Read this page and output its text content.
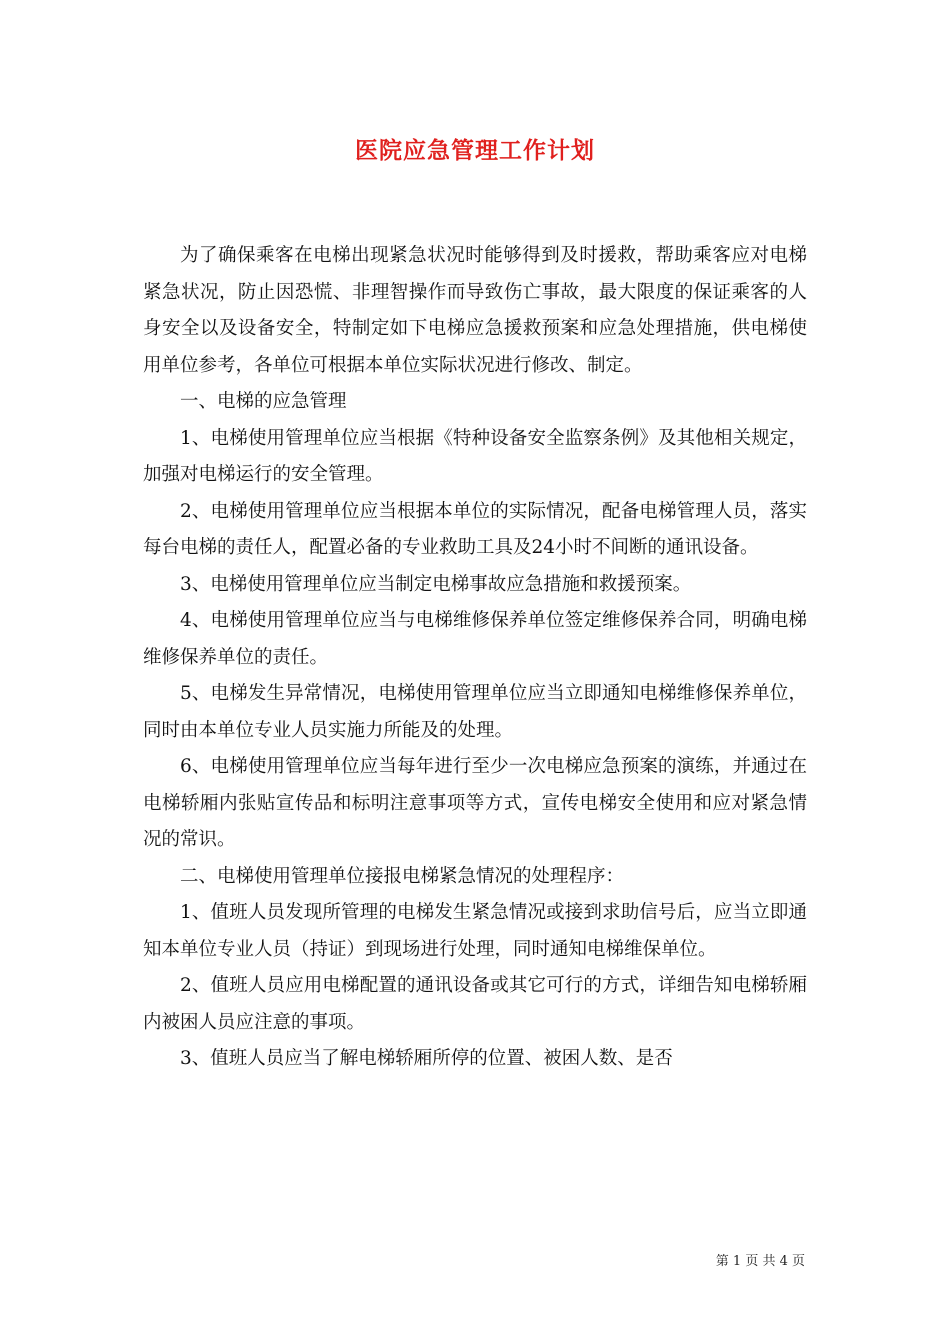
医院应急管理工作计划

为了确保乘客在电梯出现紧急状况时能够得到及时援救，帮助乘客应对电梯紧急状况，防止因恐慌、非理智操作而导致伤亡事故，最大限度的保证乘客的人身安全以及设备安全，特制定如下电梯应急援救预案和应急处理措施，供电梯使用单位参考，各单位可根据本单位实际状况进行修改、制定。

一、电梯的应急管理

1、电梯使用管理单位应当根据《特种设备安全监察条例》及其他相关规定，加强对电梯运行的安全管理。

2、电梯使用管理单位应当根据本单位的实际情况，配备电梯管理人员，落实每台电梯的责任人，配置必备的专业救助工具及24小时不间断的通讯设备。

3、电梯使用管理单位应当制定电梯事故应急措施和救援预案。

4、电梯使用管理单位应当与电梯维修保养单位签定维修保养合同，明确电梯维修保养单位的责任。

5、电梯发生异常情况，电梯使用管理单位应当立即通知电梯维修保养单位，同时由本单位专业人员实施力所能及的处理。

6、电梯使用管理单位应当每年进行至少一次电梯应急预案的演练，并通过在电梯轿厢内张贴宣传品和标明注意事项等方式，宣传电梯安全使用和应对紧急情况的常识。

二、电梯使用管理单位接报电梯紧急情况的处理程序：

1、值班人员发现所管理的电梯发生紧急情况或接到求助信号后，应当立即通知本单位专业人员（持证）到现场进行处理，同时通知电梯维保单位。

2、值班人员应用电梯配置的通讯设备或其它可行的方式，详细告知电梯轿厢内被困人员应注意的事项。

3、值班人员应当了解电梯轿厢所停的位置、被困人数、是否

第 1 页 共 4 页
